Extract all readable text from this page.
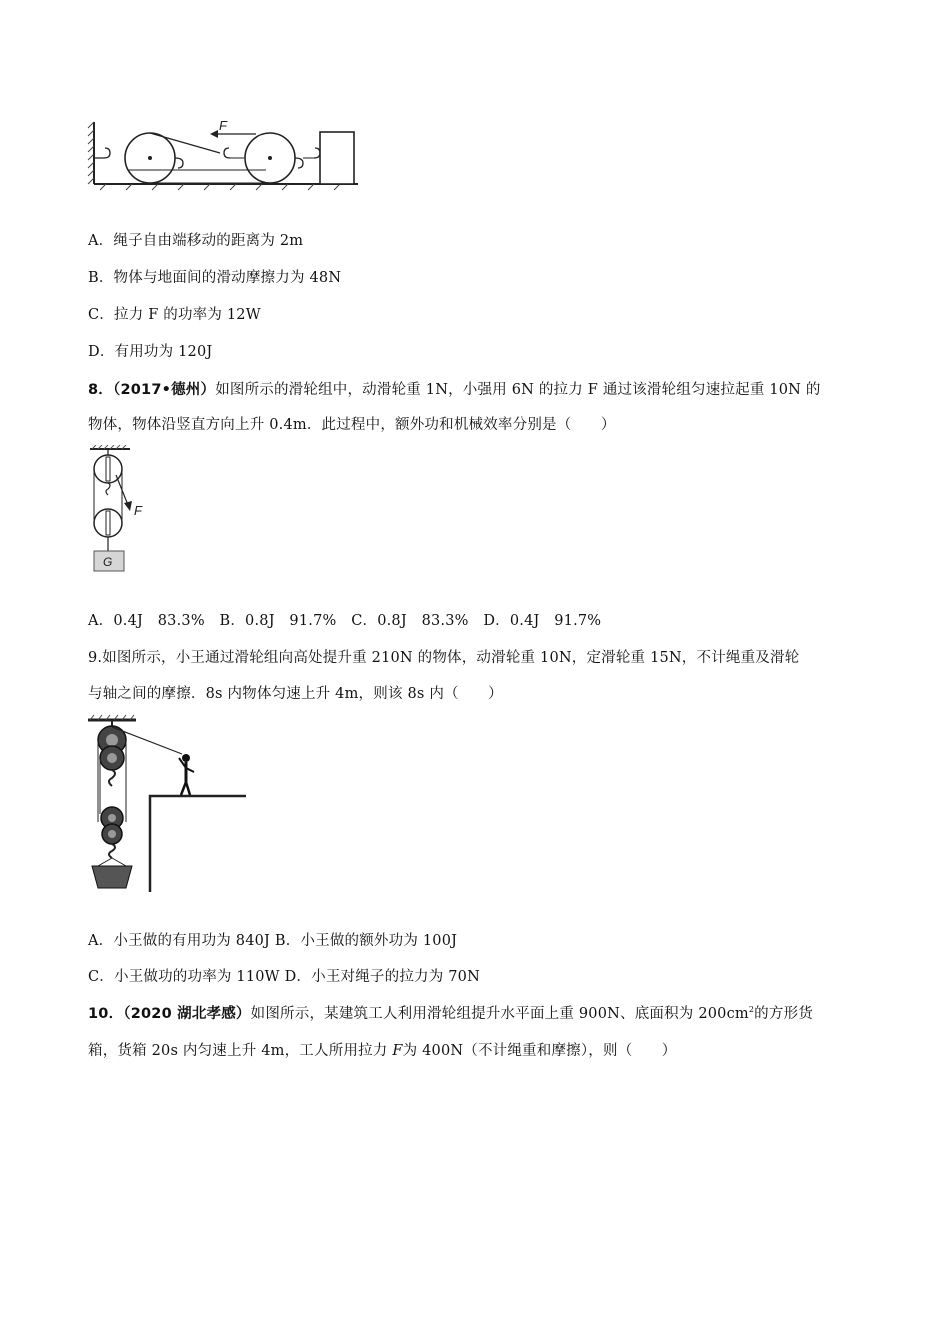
F
A．绳子自由端移动的距离为 2m
B．物体与地面间的滑动摩擦力为 48N
C．拉力 F 的功率为 12W
D．有用功为 120J
8．（2017•德州）如图所示的滑轮组中，动滑轮重 1N，小强用 6N 的拉力 F 通过该滑轮组匀速拉起重 10N 的
物体，物体沿竖直方向上升 0.4m．此过程中，额外功和机械效率分别是（　　）
F
G
A．0.4J　83.3%　B．0.8J　91.7%　C．0.8J　83.3%　D．0.4J　91.7%
9.如图所示，小王通过滑轮组向高处提升重 210N 的物体，动滑轮重 10N，定滑轮重 15N，不计绳重及滑轮
与轴之间的摩擦．8s 内物体匀速上升 4m，则该 8s 内（　　）
A．小王做的有用功为 840J B．小王做的额外功为 100J
C．小王做功的功率为 110W D．小王对绳子的拉力为 70N
10．（2020 湖北孝感）如图所示，某建筑工人利用滑轮组提升水平面上重 900N、底面积为 $200cm^2$的方形货
箱，货箱 20s 内匀速上升 4m，工人所用拉力 F为 400N（不计绳重和摩擦），则（　　）
